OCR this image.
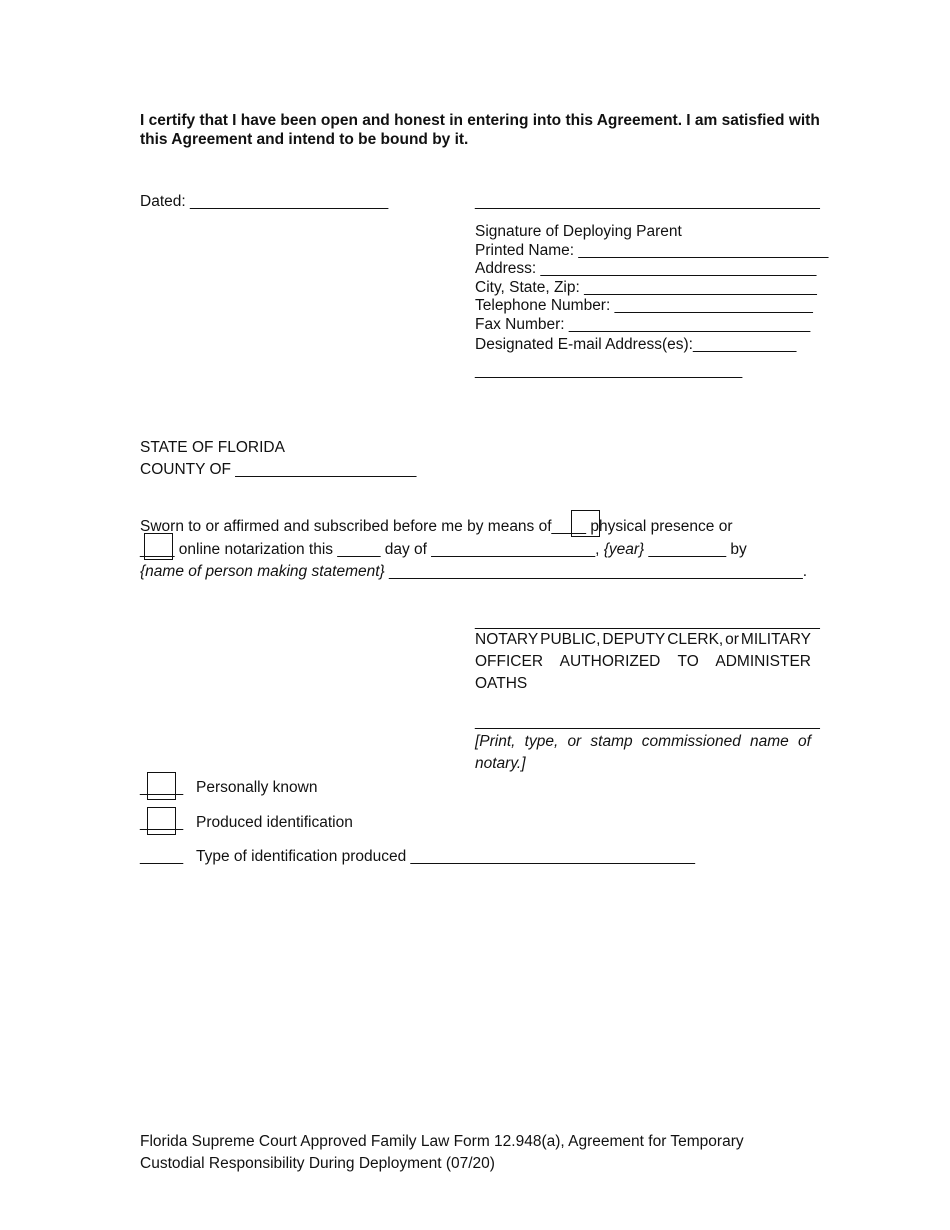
I certify that I have been open and honest in entering into this Agreement. I am satisfied with
this Agreement and intend to be bound by it.
Dated: _______________________	________________________________________
Signature of Deploying Parent
Printed Name: _____________________________
Address: ________________________________
City, State, Zip: ___________________________
Telephone Number: _______________________
Fax Number: ____________________________
Designated E-mail Address(es):____________
_______________________________
STATE OF FLORIDA
COUNTY OF _____________________
Sworn to or affirmed and subscribed before me by means of____ physical presence or
____ online notarization this _____ day of ___________________, {year} _________ by
{name of person making statement} ________________________________________________.
________________________________________
NOTARY PUBLIC, DEPUTY CLERK, or MILITARY
OFFICER AUTHORIZED TO ADMINISTER OATHS
________________________________________
[Print, type, or stamp commissioned name of
notary.]
_____ Personally known
_____ Produced identification
_____ Type of identification produced _________________________________
Florida Supreme Court Approved Family Law Form 12.948(a), Agreement for Temporary
Custodial Responsibility During Deployment (07/20)
